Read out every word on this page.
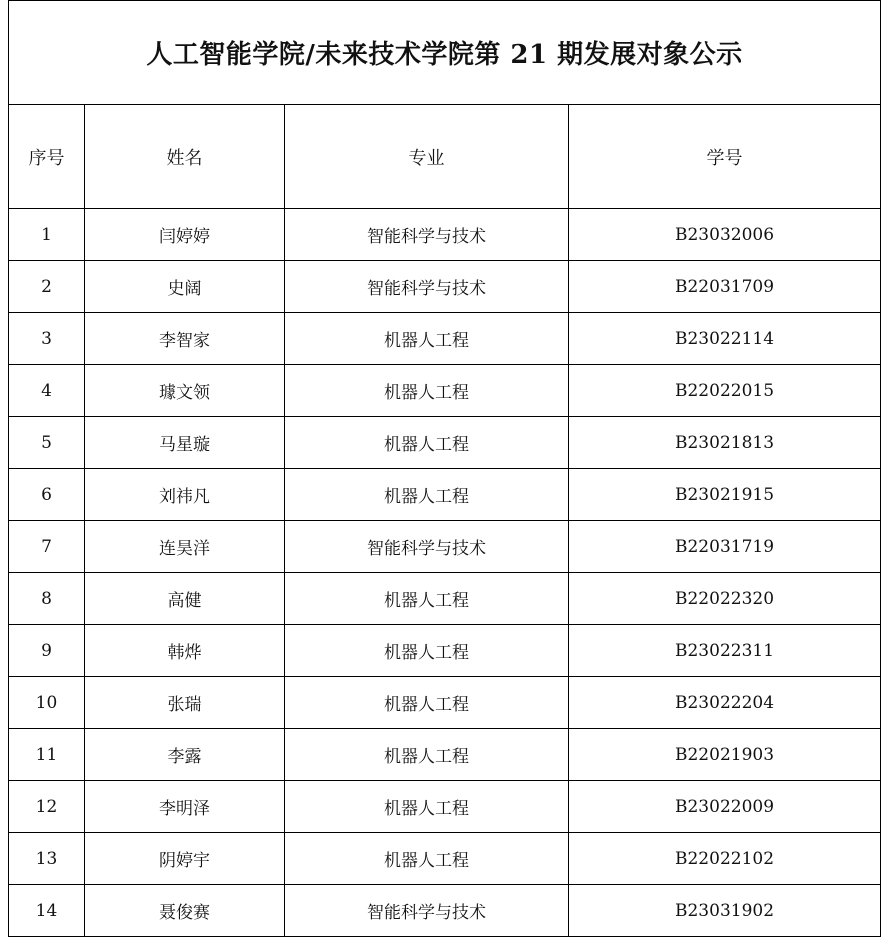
人工智能学院/未来技术学院第 21 期发展对象公示			
序号	姓名	专业	学号
1	闫婷婷	智能科学与技术	B23032006
2	史阔	智能科学与技术	B22031709
3	李智家	机器人工程	B23022114
4	璩文领	机器人工程	B22022015
5	马星璇	机器人工程	B23021813
6	刘祎凡	机器人工程	B23021915
7	连昊洋	智能科学与技术	B22031719
8	高健	机器人工程	B22022320
9	韩烨	机器人工程	B23022311
10	张瑞	机器人工程	B23022204
11	李露	机器人工程	B22021903
12	李明泽	机器人工程	B23022009
13	阴婷宇	机器人工程	B22022102
14	聂俊赛	智能科学与技术	B23031902
